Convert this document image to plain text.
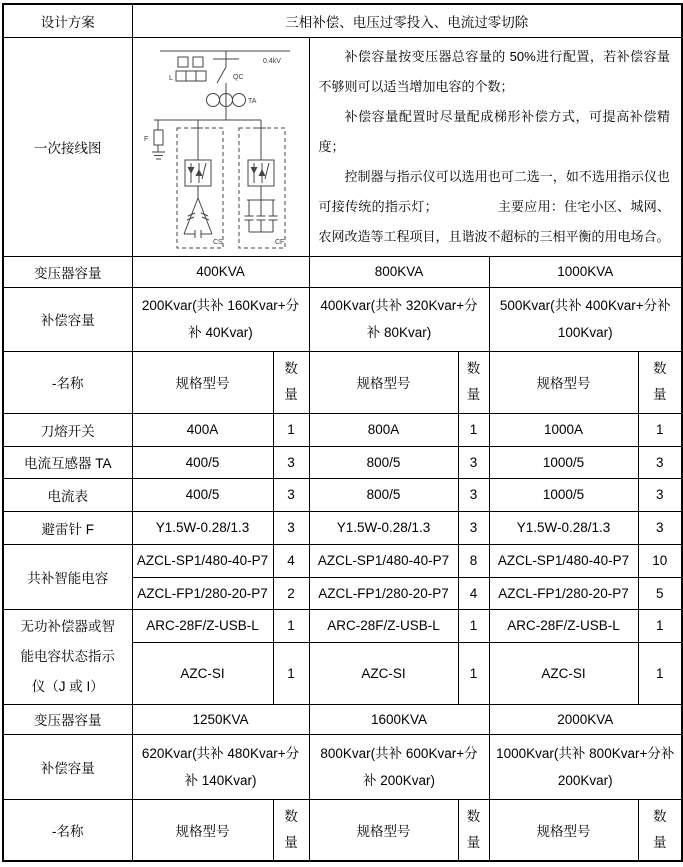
设计方案	三相补偿、电压过零投入、电流过零切除					
一次接线图	
0.4kV
L	QC
TA
F
CS	CF

补偿容量按变压器总容量的 50%进行配置，若补偿容量不够则可以适当增加电容的个数；

补偿容量配置时尽量配成梯形补偿方式，可提高补偿精度；

控制器与指示仪可以选用也可二选一，如不选用指示仪也可接传统的指示灯；　　　　　主要应用：住宅小区、城网、农网改造等工程项目，且谐波不超标的三相平衡的用电场合。

变压器容量	400KVA		800KVA		1000KVA	
补偿容量	200Kvar(共补 160Kvar+分补 40Kvar)		400Kvar(共补 320Kvar+分补 80Kvar)		500Kvar(共补 400Kvar+分补 100Kvar)	
-名称	规格型号	数量	规格型号	数量	规格型号	数量

刀熔开关	400A	1	800A	1	1000A	1
电流互感器 TA	400/5	3	800/5	3	1000/5	3
电流表	400/5	3	800/5	3	1000/5	3
避雷针 F	Y1.5W-0.28/1.3	3	Y1.5W-0.28/1.3	3	Y1.5W-0.28/1.3	3
共补智能电容	AZCL-SP1/480-40-P7	4	AZCL-SP1/480-40-P7	8	AZCL-SP1/480-40-P7	10
	AZCL-FP1/280-20-P7	2	AZCL-FP1/280-20-P7	4	AZCL-FP1/280-20-P7	5
无功补偿器或智能电容状态指示仪（J 或 I）	ARC-28F/Z-USB-L	1	ARC-28F/Z-USB-L	1	ARC-28F/Z-USB-L	1
	AZC-SI	1	AZC-SI	1	AZC-SI	1
变压器容量	1250KVA		1600KVA		2000KVA	
补偿容量	620Kvar(共补 480Kvar+分补 140Kvar)		800Kvar(共补 600Kvar+分补 200Kvar)		1000Kvar(共补 800Kvar+分补 200Kvar)	
-名称	规格型号	数量	规格型号	数量	规格型号	数量
